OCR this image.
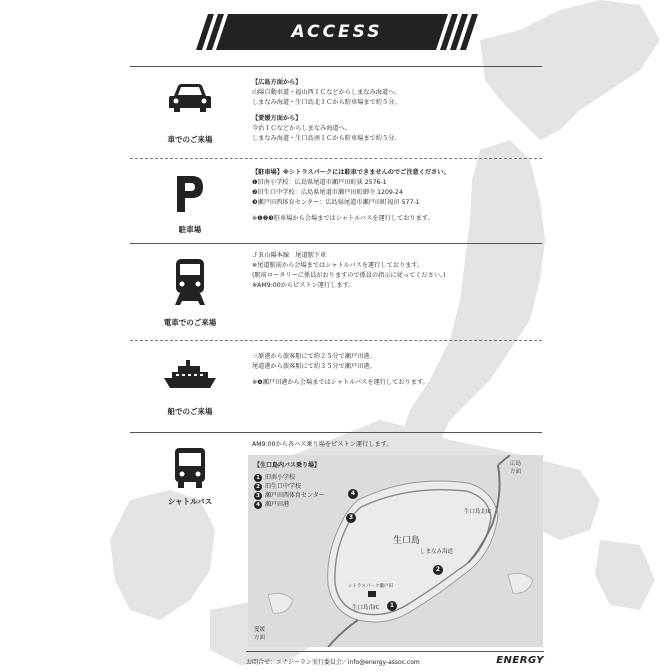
ACCESS
車でのご来場
【広島方面から】
山陽自動車道・福山西ＩＣなどからしまなみ海道へ。
しまなみ海道・生口島北ＩＣから駐車場まで約５分。
【愛媛方面から】
今治ＩＣなどからしまなみ海道へ。
しまなみ海道・生口島南ＩＣから駐車場まで約５分。
駐車場
【駐車場】※シトラスパークには駐車できませんのでご注意ください。
❶旧南小学校：広島県尾道市瀬戸田町荻 2576-1
❷旧生口中学校：広島県尾道市瀬戸田町御寺 1209-24
❸瀬戸田西体育センター：広島県尾道市瀬戸田町福田 577-1
※❶❷❸駐車場から会場まではシャトルバスを運行しております。
電車でのご来場
ＪＲ山陽本線　尾道駅下車
※尾道駅前から会場まではシャトルバスを運行しております。
(駅前ロータリーに係員がおりますので係員の指示に従ってください。)
※AM9:00からピストン運行します。
船でのご来場
三原港から旅客船にて約２５分で瀬戸田港。
尾道港から旅客船にて約３５分で瀬戸田港。
※❹瀬戸田港から会場まではシャトルバスを運行しております。
シャトルバス
AM9:00から各バス乗り場をピストン運行します。
【生口島内バス乗り場】
1 旧南小学校
2 旧生口中学校
3 瀬戸田西体育センター
4 瀬戸田港
生口島
広島
方面
愛媛
方面
しまなみ海道
生口島北IC
生口島南IC
シトラスパーク瀬戸田
1
2
3
4
お問合せ：エナジーラン実行委員会／info@energy-assoc.com	ENERGY
